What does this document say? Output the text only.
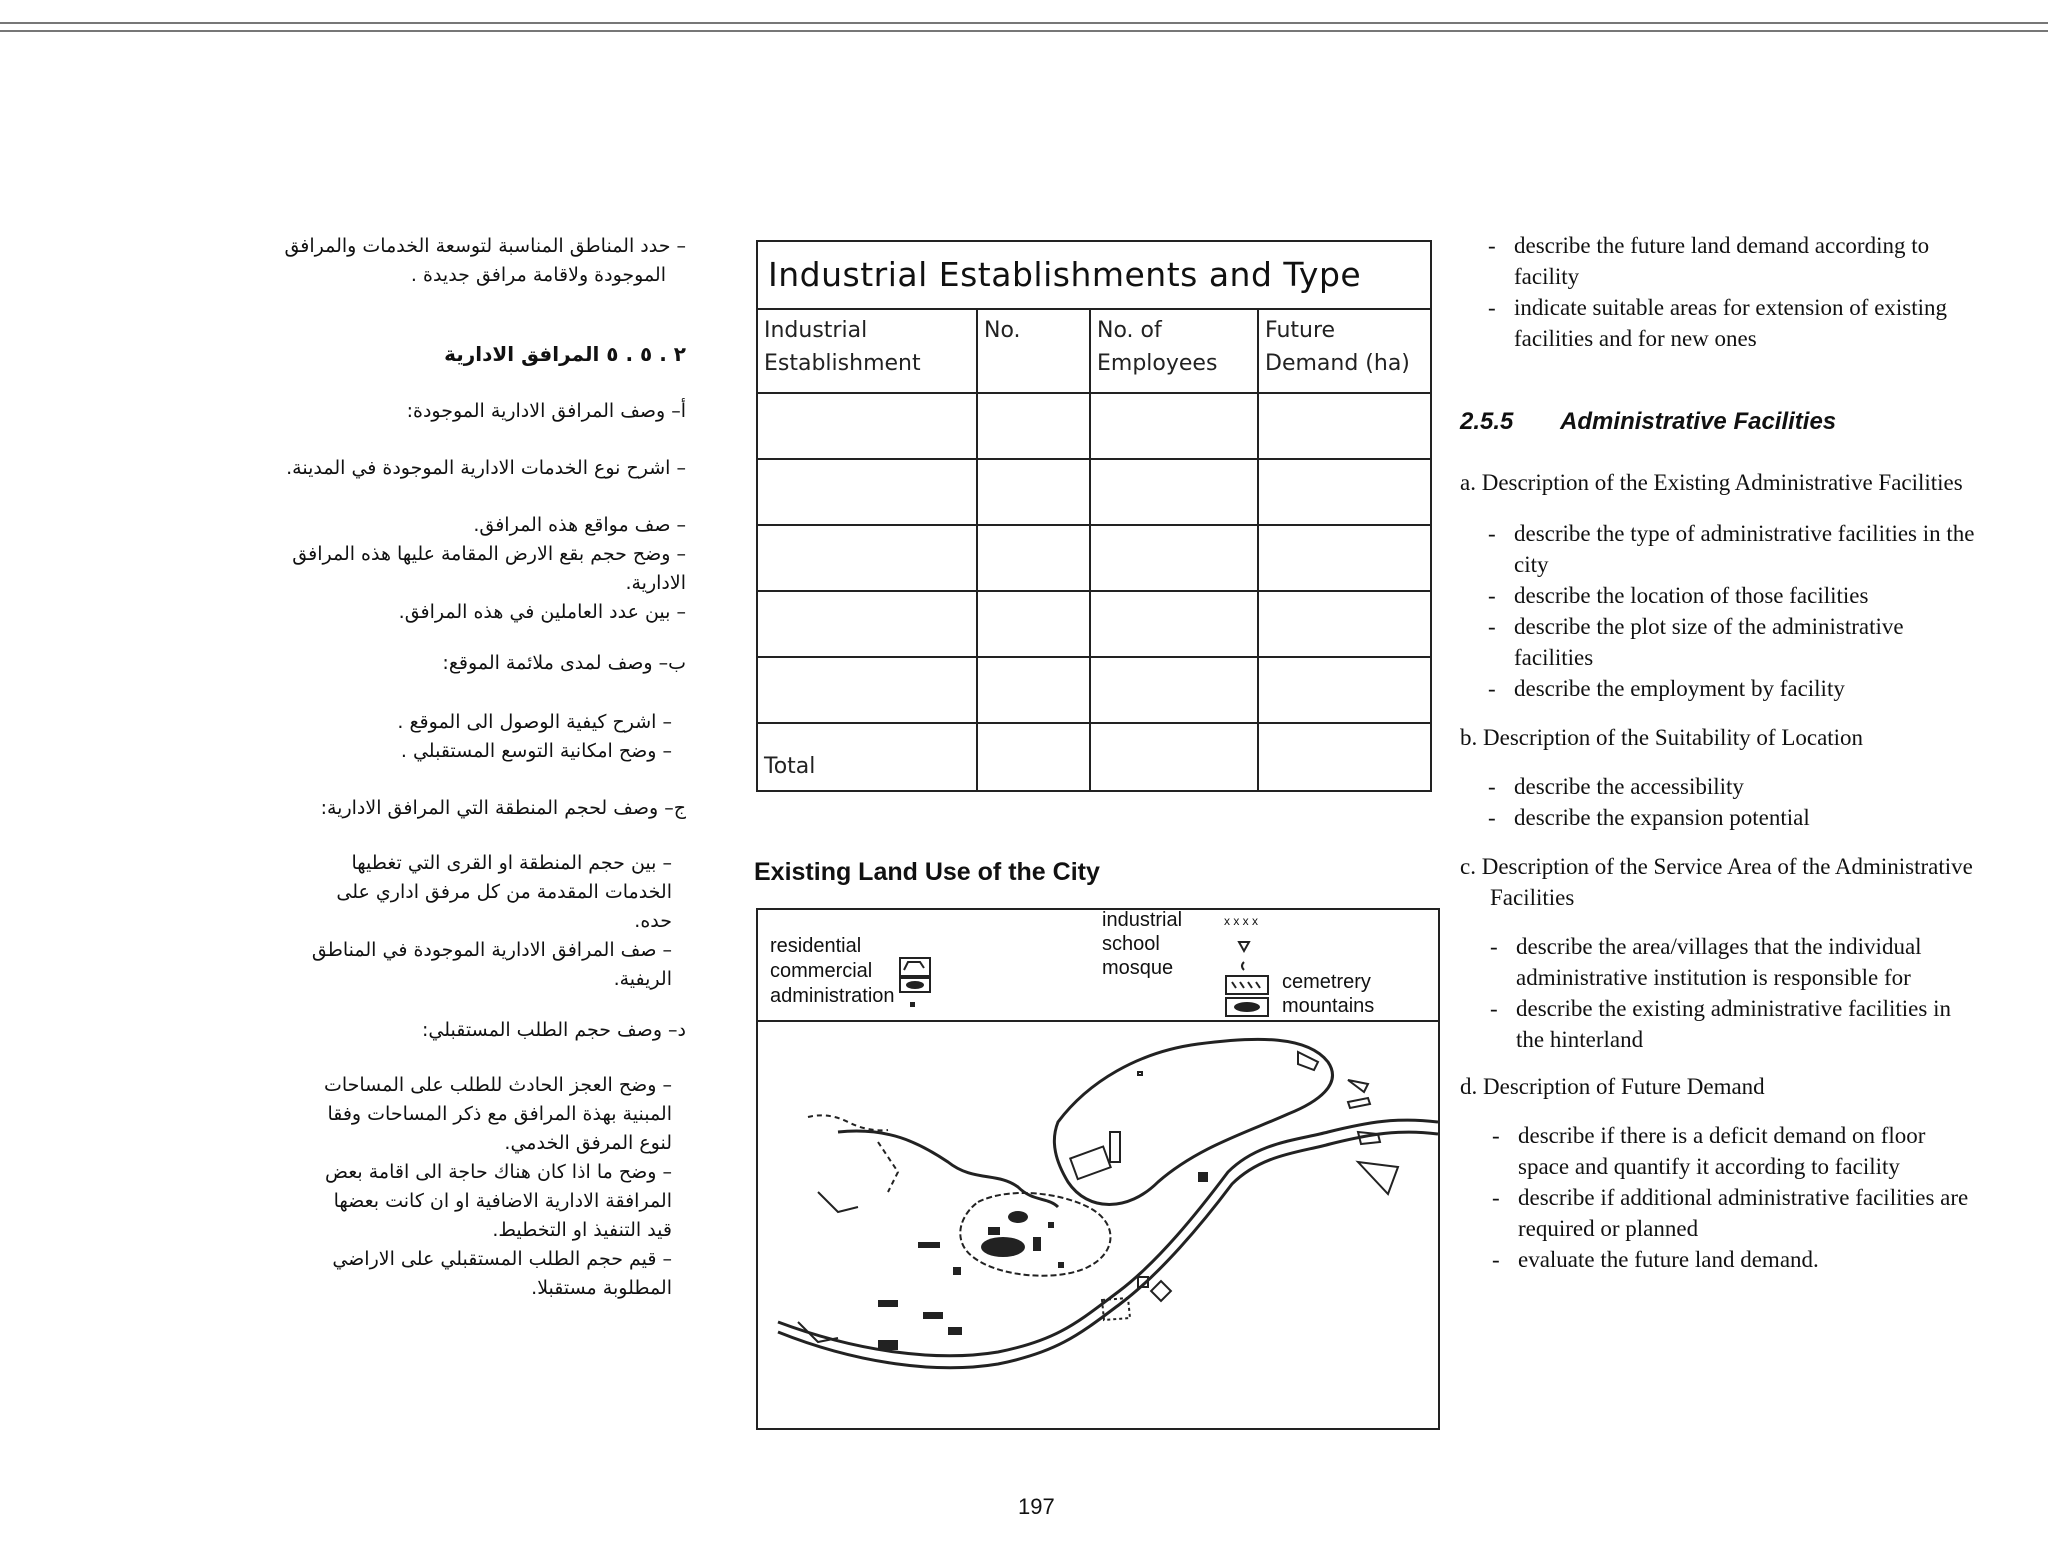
– حدد المناطق المناسبة لتوسعة الخدمات والمرافق

الموجودة ولاقامة مرافق جديدة .

٢ . ٥ . ٥ المرافق الادارية

أ– وصف المرافق الادارية الموجودة:

– اشرح نوع الخدمات الادارية الموجودة في المدينة.

– صف مواقع هذه المرافق.

– وضح حجم بقع الارض المقامة عليها هذه المرافق الادارية.

– بين عدد العاملين في هذه المرافق.

ب– وصف لمدى ملائمة الموقع:

– اشرح كيفية الوصول الى الموقع .

– وضح امكانية التوسع المستقبلي .

ج– وصف لحجم المنطقة التي المرافق الادارية:

– بين حجم المنطقة او القرى التي تغطيها الخدمات المقدمة من كل مرفق اداري على حده.

– صف المرافق الادارية الموجودة في المناطق الريفية.

د– وصف حجم الطلب المستقبلي:

– وضح العجز الحادث للطلب على المساحات المبنية بهذة المرافق مع ذكر المساحات وفقا لنوع المرفق الخدمي.

– وضح ما اذا كان هناك حاجة الى اقامة بعض المرافقة الادارية الاضافية او ان كانت بعضها قيد التنفيذ او التخطيط.

– قيم حجم الطلب المستقبلي على الاراضي المطلوبة مستقبلا.

Industrial Establishments and Type
Industrial Establishment
No.	No. of Employees
Future Demand (ha)
Total
Existing Land Use of the City
residential
commercial
administration
industrial	x x x x
school
mosque
cemetrery
mountains

- describe the future land demand according to facility

- indicate suitable areas for extension of existing facilities and for new ones

2.5.5 Administrative Facilities

a. Description of the Existing Administrative Facilities

- describe the type of administrative facilities in the city

- describe the location of those facilities

- describe the plot size of the administrative facilities

- describe the employment by facility

b. Description of the Suitability of Location

- describe the accessibility

- describe the expansion potential

c. Description of the Service Area of the Administrative Facilities

- describe the area/villages that the individual administrative institution is responsible for

- describe the existing administrative facilities in the hinterland

d. Description of Future Demand

- describe if there is a deficit demand on floor space and quantify it according to facility

- describe if additional administrative facilities are required or planned

- evaluate the future land demand.

197
